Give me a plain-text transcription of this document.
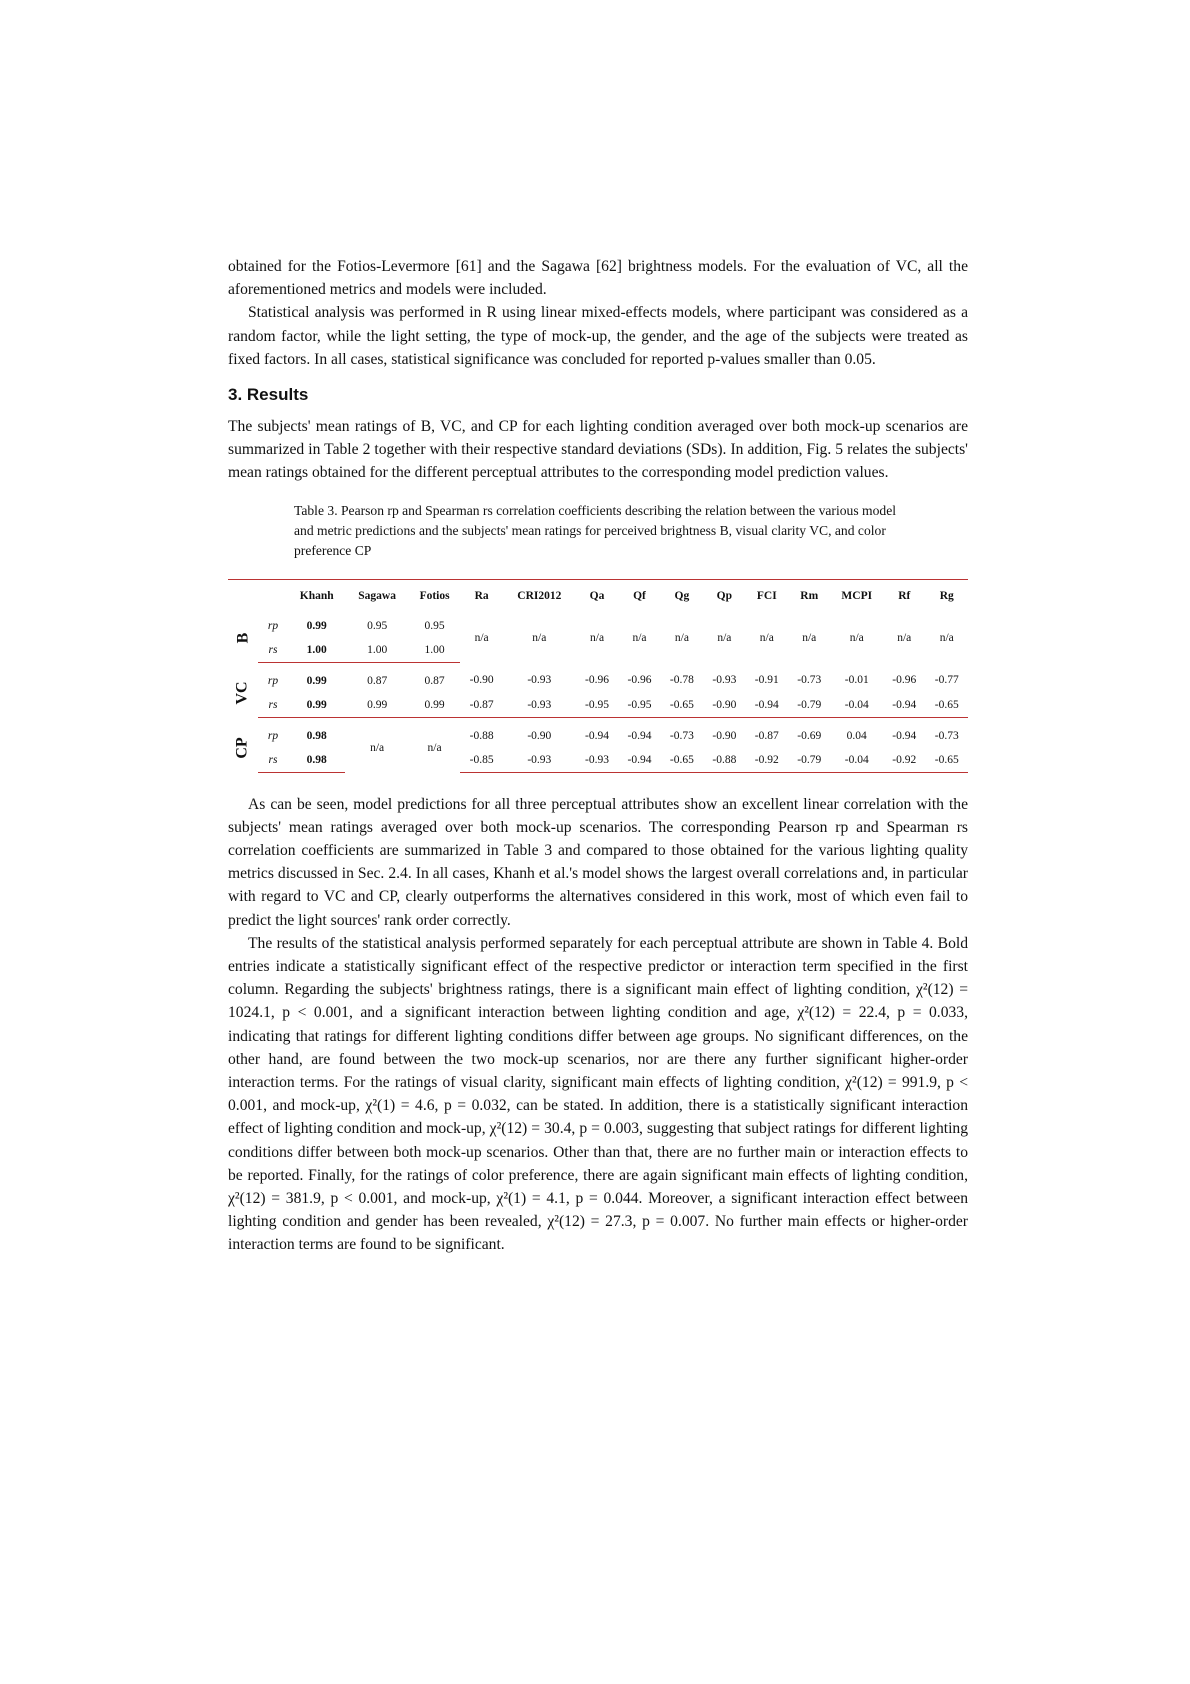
obtained for the Fotios-Levermore [61] and the Sagawa [62] brightness models. For the evaluation of VC, all the aforementioned metrics and models were included.

Statistical analysis was performed in R using linear mixed-effects models, where participant was considered as a random factor, while the light setting, the type of mock-up, the gender, and the age of the subjects were treated as fixed factors. In all cases, statistical significance was concluded for reported p-values smaller than 0.05.

3. Results

The subjects' mean ratings of B, VC, and CP for each lighting condition averaged over both mock-up scenarios are summarized in Table 2 together with their respective standard deviations (SDs). In addition, Fig. 5 relates the subjects' mean ratings obtained for the different perceptual attributes to the corresponding model prediction values.

Table 3. Pearson rp and Spearman rs correlation coefficients describing the relation between the various model and metric predictions and the subjects' mean ratings for perceived brightness B, visual clarity VC, and color preference CP
		Khanh	Sagawa	Fotios	Ra	CRI2012	Qa	Qf	Qg	Qp	FCI	Rm	MCPI	Rf	Rg
B	rp	0.99	0.95	0.95	n/a	n/a	n/a	n/a	n/a	n/a	n/a	n/a	n/a	n/a	n/a
	rs	1.00	1.00	1.00											
VC	rp	0.99	0.87	0.87	-0.90	-0.93	-0.96	-0.96	-0.78	-0.93	-0.91	-0.73	-0.01	-0.96	-0.77
	rs	0.99	0.99	0.99	-0.87	-0.93	-0.95	-0.95	-0.65	-0.90	-0.94	-0.79	-0.04	-0.94	-0.65
CP	rp	0.98	n/a	n/a	-0.88	-0.90	-0.94	-0.94	-0.73	-0.90	-0.87	-0.69	0.04	-0.94	-0.73
	rs	0.98			-0.85	-0.93	-0.93	-0.94	-0.65	-0.88	-0.92	-0.79	-0.04	-0.92	-0.65

As can be seen, model predictions for all three perceptual attributes show an excellent linear correlation with the subjects' mean ratings averaged over both mock-up scenarios. The corresponding Pearson rp and Spearman rs correlation coefficients are summarized in Table 3 and compared to those obtained for the various lighting quality metrics discussed in Sec. 2.4. In all cases, Khanh et al.'s model shows the largest overall correlations and, in particular with regard to VC and CP, clearly outperforms the alternatives considered in this work, most of which even fail to predict the light sources' rank order correctly.

The results of the statistical analysis performed separately for each perceptual attribute are shown in Table 4. Bold entries indicate a statistically significant effect of the respective predictor or interaction term specified in the first column. Regarding the subjects' brightness ratings, there is a significant main effect of lighting condition, χ²(12) = 1024.1, p < 0.001, and a significant interaction between lighting condition and age, χ²(12) = 22.4, p = 0.033, indicating that ratings for different lighting conditions differ between age groups. No significant differences, on the other hand, are found between the two mock-up scenarios, nor are there any further significant higher-order interaction terms. For the ratings of visual clarity, significant main effects of lighting condition, χ²(12) = 991.9, p < 0.001, and mock-up, χ²(1) = 4.6, p = 0.032, can be stated. In addition, there is a statistically significant interaction effect of lighting condition and mock-up, χ²(12) = 30.4, p = 0.003, suggesting that subject ratings for different lighting conditions differ between both mock-up scenarios. Other than that, there are no further main or interaction effects to be reported. Finally, for the ratings of color preference, there are again significant main effects of lighting condition, χ²(12) = 381.9, p < 0.001, and mock-up, χ²(1) = 4.1, p = 0.044. Moreover, a significant interaction effect between lighting condition and gender has been revealed, χ²(12) = 27.3, p = 0.007. No further main effects or higher-order interaction terms are found to be significant.
